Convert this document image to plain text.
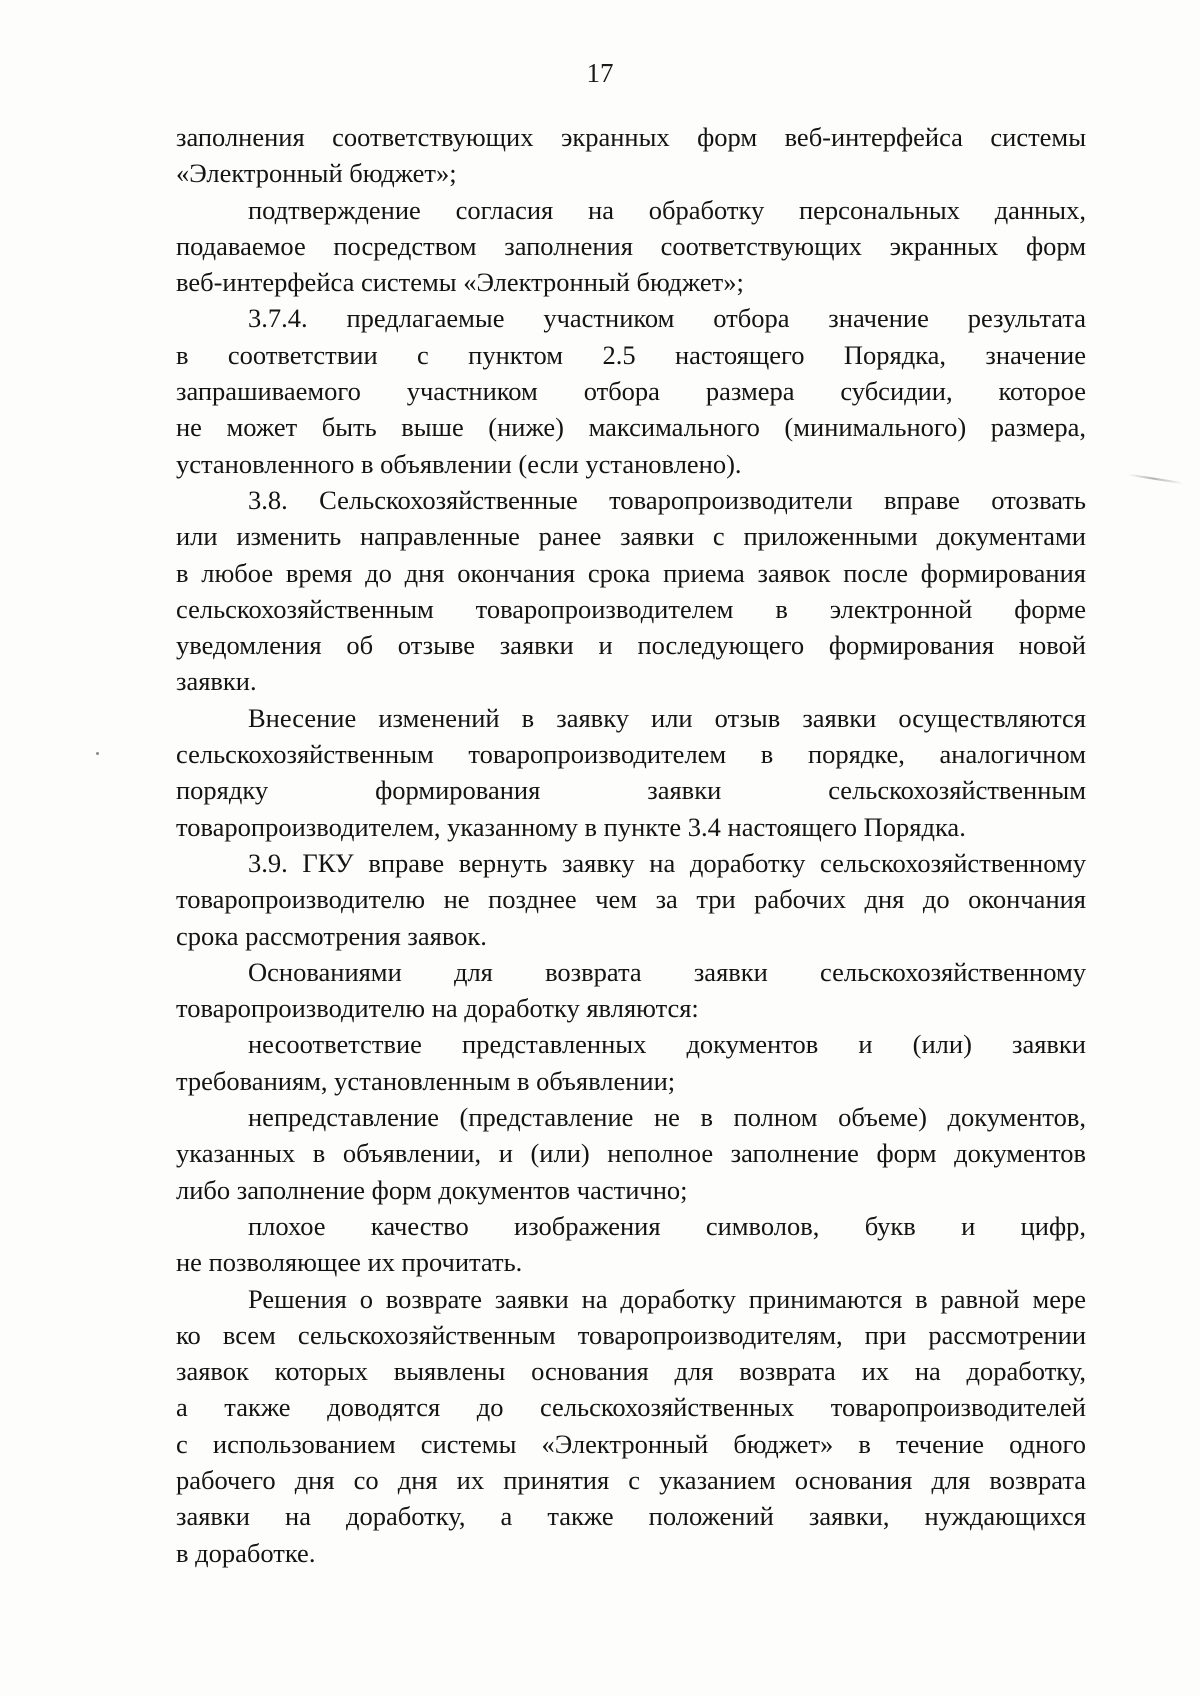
17

заполнения соответствующих экранных форм веб-интерфейса системы
«Электронный бюджет»;

подтверждение согласия на обработку персональных данных,
подаваемое посредством заполнения соответствующих экранных форм
веб-интерфейса системы «Электронный бюджет»;

3.7.4. предлагаемые участником отбора значение результата
в соответствии с пунктом 2.5 настоящего Порядка, значение
запрашиваемого участником отбора размера субсидии, которое
не может быть выше (ниже) максимального (минимального) размера,
установленного в объявлении (если установлено).

3.8. Сельскохозяйственные товаропроизводители вправе отозвать
или изменить направленные ранее заявки с приложенными документами
в любое время до дня окончания срока приема заявок после формирования
сельскохозяйственным товаропроизводителем в электронной форме
уведомления об отзыве заявки и последующего формирования новой
заявки.

Внесение изменений в заявку или отзыв заявки осуществляются
сельскохозяйственным товаропроизводителем в порядке, аналогичном
порядку формирования заявки сельскохозяйственным
товаропроизводителем, указанному в пункте 3.4 настоящего Порядка.

3.9. ГКУ вправе вернуть заявку на доработку сельскохозяйственному
товаропроизводителю не позднее чем за три рабочих дня до окончания
срока рассмотрения заявок.

Основаниями для возврата заявки сельскохозяйственному
товаропроизводителю на доработку являются:

несоответствие представленных документов и (или) заявки
требованиям, установленным в объявлении;

непредставление (представление не в полном объеме) документов,
указанных в объявлении, и (или) неполное заполнение форм документов
либо заполнение форм документов частично;

плохое качество изображения символов, букв и цифр,
не позволяющее их прочитать.

Решения о возврате заявки на доработку принимаются в равной мере
ко всем сельскохозяйственным товаропроизводителям, при рассмотрении
заявок которых выявлены основания для возврата их на доработку,
а также доводятся до сельскохозяйственных товаропроизводителей
с использованием системы «Электронный бюджет» в течение одного
рабочего дня со дня их принятия с указанием основания для возврата
заявки на доработку, а также положений заявки, нуждающихся
в доработке.
